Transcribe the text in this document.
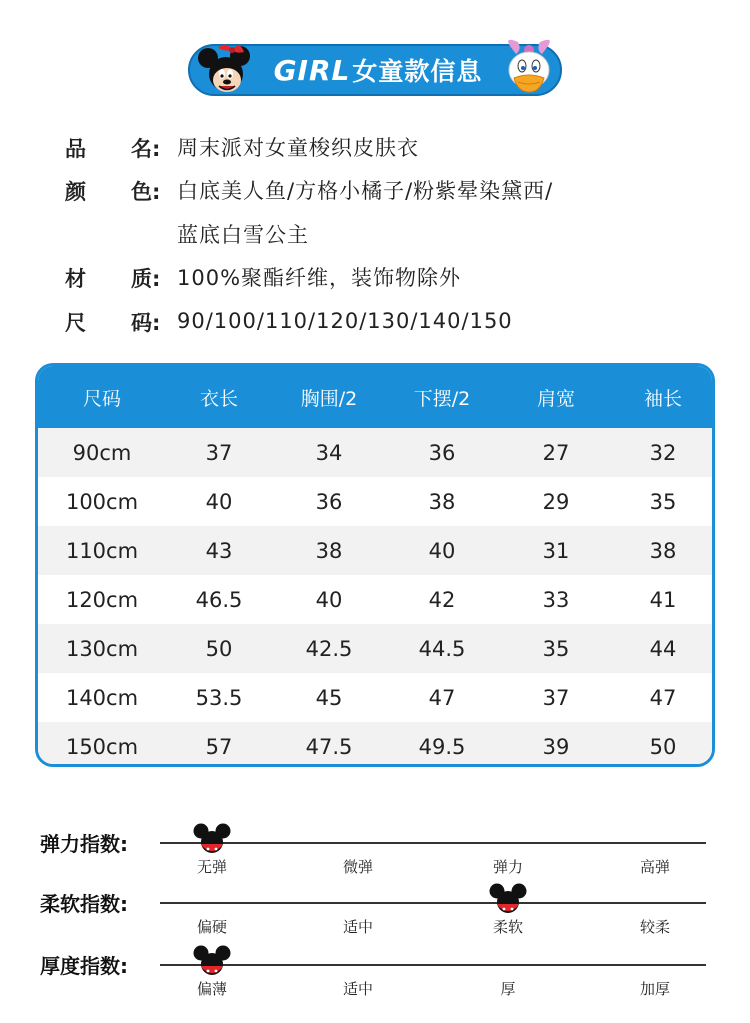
GIRL 女童款信息
品 名: 周末派对女童梭织皮肤衣
颜 色: 白底美人鱼/方格小橘子/粉紫晕染黛西/
蓝底白雪公主
材 质: 100%聚酯纤维，装饰物除外
尺 码: 90/100/110/120/130/140/150
尺码	衣长	胸围/2	下摆/2	肩宽	袖长
90cm	37	34	36	27	32
100cm	40	36	38	29	35
110cm	43	38	40	31	38
120cm	46.5	40	42	33	41
130cm	50	42.5	44.5	35	44
140cm	53.5	45	47	37	47
150cm	57	47.5	49.5	39	50
弹力指数:
无弹	微弹	弹力	高弹
柔软指数:
偏硬	适中	柔软	较柔
厚度指数:
偏薄	适中	厚	加厚
